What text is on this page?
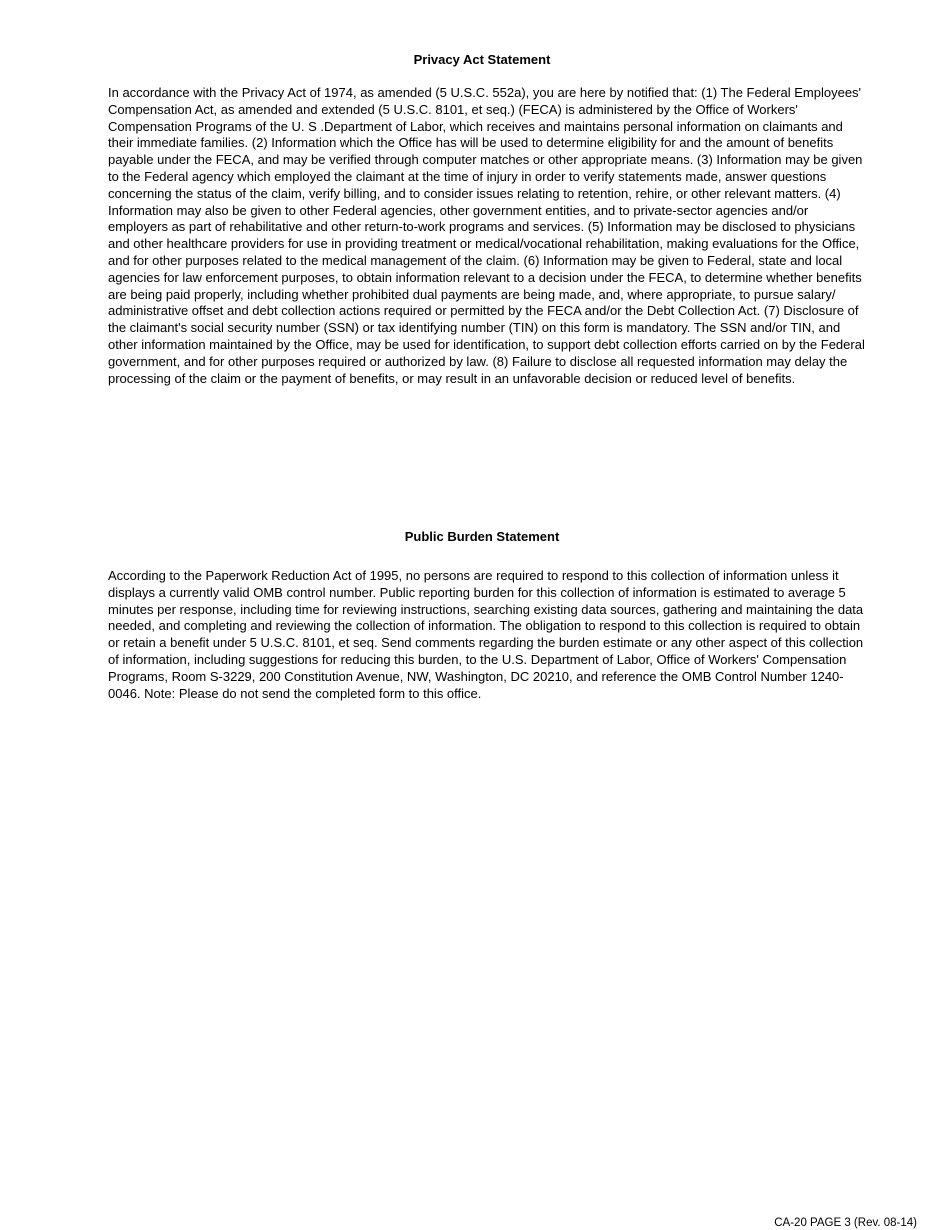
Privacy Act Statement

In accordance with the Privacy Act of 1974, as amended (5 U.S.C. 552a), you are here by notified that: (1) The Federal Employees' Compensation Act, as amended and extended (5 U.S.C. 8101, et seq.) (FECA) is administered by the Office of Workers' Compensation Programs of the U. S .Department of Labor, which receives and maintains personal information on claimants and their immediate families. (2) Information which the Office has will be used to determine eligibility for and the amount of benefits payable under the FECA, and may be verified through computer matches or other appropriate means. (3) Information may be given to the Federal agency which employed the claimant at the time of injury in order to verify statements made, answer questions concerning the status of the claim, verify billing, and to consider issues relating to retention, rehire, or other relevant matters. (4) Information may also be given to other Federal agencies, other government entities, and to private-sector agencies and/or employers as part of rehabilitative and other return-to-work programs and services. (5) Information may be disclosed to physicians and other healthcare providers for use in providing treatment or medical/vocational rehabilitation, making evaluations for the Office, and for other purposes related to the medical management of the claim. (6) Information may be given to Federal, state and local agencies for law enforcement purposes, to obtain information relevant to a decision under the FECA, to determine whether benefits are being paid properly, including whether prohibited dual payments are being made, and, where appropriate, to pursue salary/ administrative offset and debt collection actions required or permitted by the FECA and/or the Debt Collection Act. (7) Disclosure of the claimant's social security number (SSN) or tax identifying number (TIN) on this form is mandatory. The SSN and/or TIN, and other information maintained by the Office, may be used for identification, to support debt collection efforts carried on by the Federal government, and for other purposes required or authorized by law. (8) Failure to disclose all requested information may delay the processing of the claim or the payment of benefits, or may result in an unfavorable decision or reduced level of benefits.

Public Burden Statement

According to the Paperwork Reduction Act of 1995, no persons are required to respond to this collection of information unless it displays a currently valid OMB control number. Public reporting burden for this collection of information is estimated to average 5 minutes per response, including time for reviewing instructions, searching existing data sources, gathering and maintaining the data needed, and completing and reviewing the collection of information. The obligation to respond to this collection is required to obtain or retain a benefit under 5 U.S.C. 8101, et seq. Send comments regarding the burden estimate or any other aspect of this collection of information, including suggestions for reducing this burden, to the U.S. Department of Labor, Office of Workers' Compensation Programs, Room S-3229, 200 Constitution Avenue, NW, Washington, DC 20210, and reference the OMB Control Number 1240-0046. Note: Please do not send the completed form to this office.

CA-20 PAGE 3 (Rev. 08-14)
